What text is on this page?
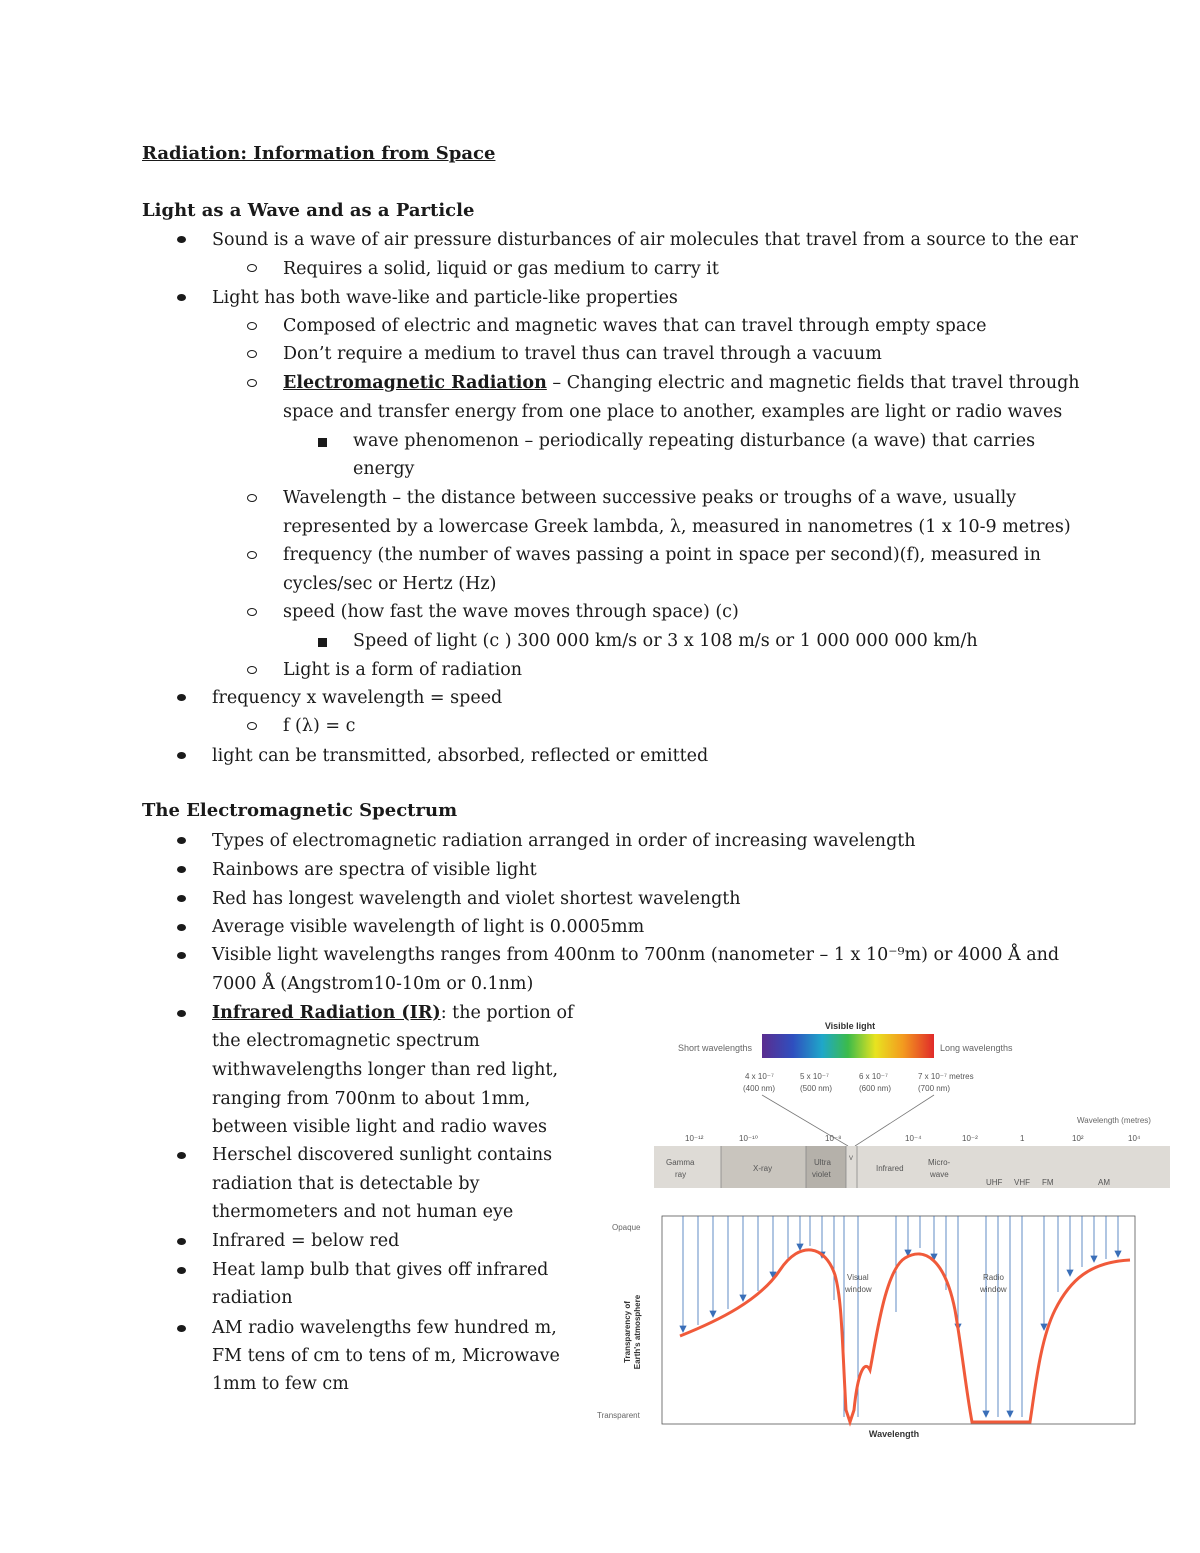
Radiation: Information from Space
Light as a Wave and as a Particle
Sound is a wave of air pressure disturbances of air molecules that travel from a source to the ear
Requires a solid, liquid or gas medium to carry it
Light has both wave-like and particle-like properties
Composed of electric and magnetic waves that can travel through empty space
Don’t require a medium to travel thus can travel through a vacuum
Electromagnetic Radiation – Changing electric and magnetic fields that travel through
space and transfer energy from one place to another, examples are light or radio waves
wave phenomenon – periodically repeating disturbance (a wave) that carries
energy
Wavelength – the distance between successive peaks or troughs of a wave, usually
represented by a lowercase Greek lambda, λ, measured in nanometres (1 x 10-9 metres)
frequency (the number of waves passing a point in space per second)(f), measured in
cycles/sec or Hertz (Hz)
speed (how fast the wave moves through space) (c)
Speed of light (c ) 300 000 km/s or 3 x 108 m/s or 1 000 000 000 km/h
Light is a form of radiation
frequency x wavelength = speed
f (λ) = c
light can be transmitted, absorbed, reflected or emitted
The Electromagnetic Spectrum
Types of electromagnetic radiation arranged in order of increasing wavelength
Rainbows are spectra of visible light
Red has longest wavelength and violet shortest wavelength
Average visible wavelength of light is 0.0005mm
Visible light wavelengths ranges from 400nm to 700nm (nanometer – 1 x 10⁻⁹m) or 4000 Å and
7000 Å (Angstrom10-10m or 0.1nm)
Infrared Radiation (IR): the portion of
the electromagnetic spectrum
withwavelengths longer than red light,
ranging from 700nm to about 1mm,
between visible light and radio waves
Herschel discovered sunlight contains
radiation that is detectable by
thermometers and not human eye
Infrared = below red
Heat lamp bulb that gives off infrared
radiation
AM radio wavelengths few hundred m,
FM tens of cm to tens of m, Microwave
1mm to few cm
Visible light
Short wavelengths	Long wavelengths
4 x 10⁻⁷
(400 nm)
5 x 10⁻⁷
(500 nm)
6 x 10⁻⁷
(600 nm)
7 x 10⁻⁷ metres
(700 nm)
Wavelength (metres)
10⁻¹²	10⁻¹⁰	10⁻⁸	10⁻⁴	10⁻²	1	10²	10⁴
Gamma
ray
X-ray
Ultra
violet
V
Infrared
Micro-
wave
UHF VHF FM	AM
Opaque
Transparent
Transparency of Earth's atmosphere
Visual
window
Radio
window
Wavelength
